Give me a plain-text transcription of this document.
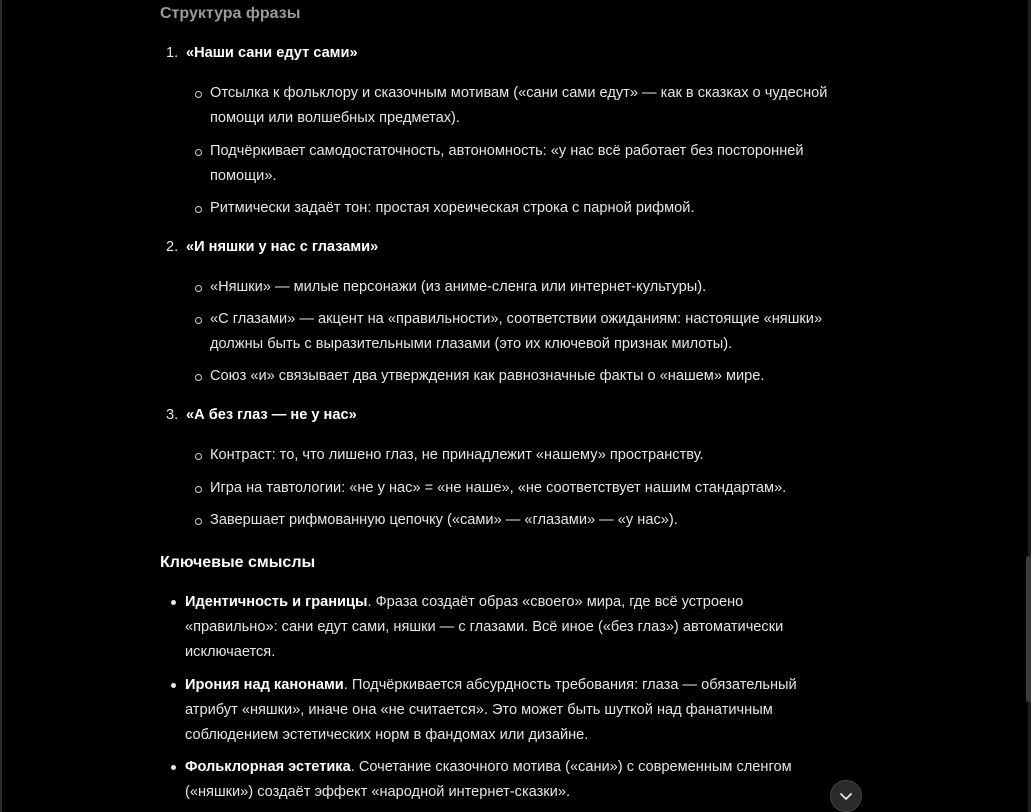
Структура фразы
1. «Наши сани едут сами»
Отсылка к фольклору и сказочным мотивам («сани сами едут» — как в сказках о чудесной помощи или волшебных предметах).
Подчёркивает самодостаточность, автономность: «у нас всё работает без посторонней помощи».
Ритмически задаёт тон: простая хореическая строка с парной рифмой.
2. «И няшки у нас с глазами»
«Няшки» — милые персонажи (из аниме-сленга или интернет-культуры).
«С глазами» — акцент на «правильности», соответствии ожиданиям: настоящие «няшки» должны быть с выразительными глазами (это их ключевой признак милоты).
Союз «и» связывает два утверждения как равнозначные факты о «нашем» мире.
3. «А без глаз — не у нас»
Контраст: то, что лишено глаз, не принадлежит «нашему» пространству.
Игра на тавтологии: «не у нас» = «не наше», «не соответствует нашим стандартам».
Завершает рифмованную цепочку («сами» — «глазами» — «у нас»).
Ключевые смыслы
Идентичность и границы. Фраза создаёт образ «своего» мира, где всё устроено «правильно»: сани едут сами, няшки — с глазами. Всё иное («без глаз») автоматически исключается.
Ирония над канонами. Подчёркивается абсурдность требования: глаза — обязательный атрибут «няшки», иначе она «не считается». Это может быть шуткой над фанатичным соблюдением эстетических норм в фандомах или дизайне.
Фольклорная эстетика. Сочетание сказочного мотива («сани») с современным сленгом («няшки») создаёт эффект «народной интернет-сказки».
